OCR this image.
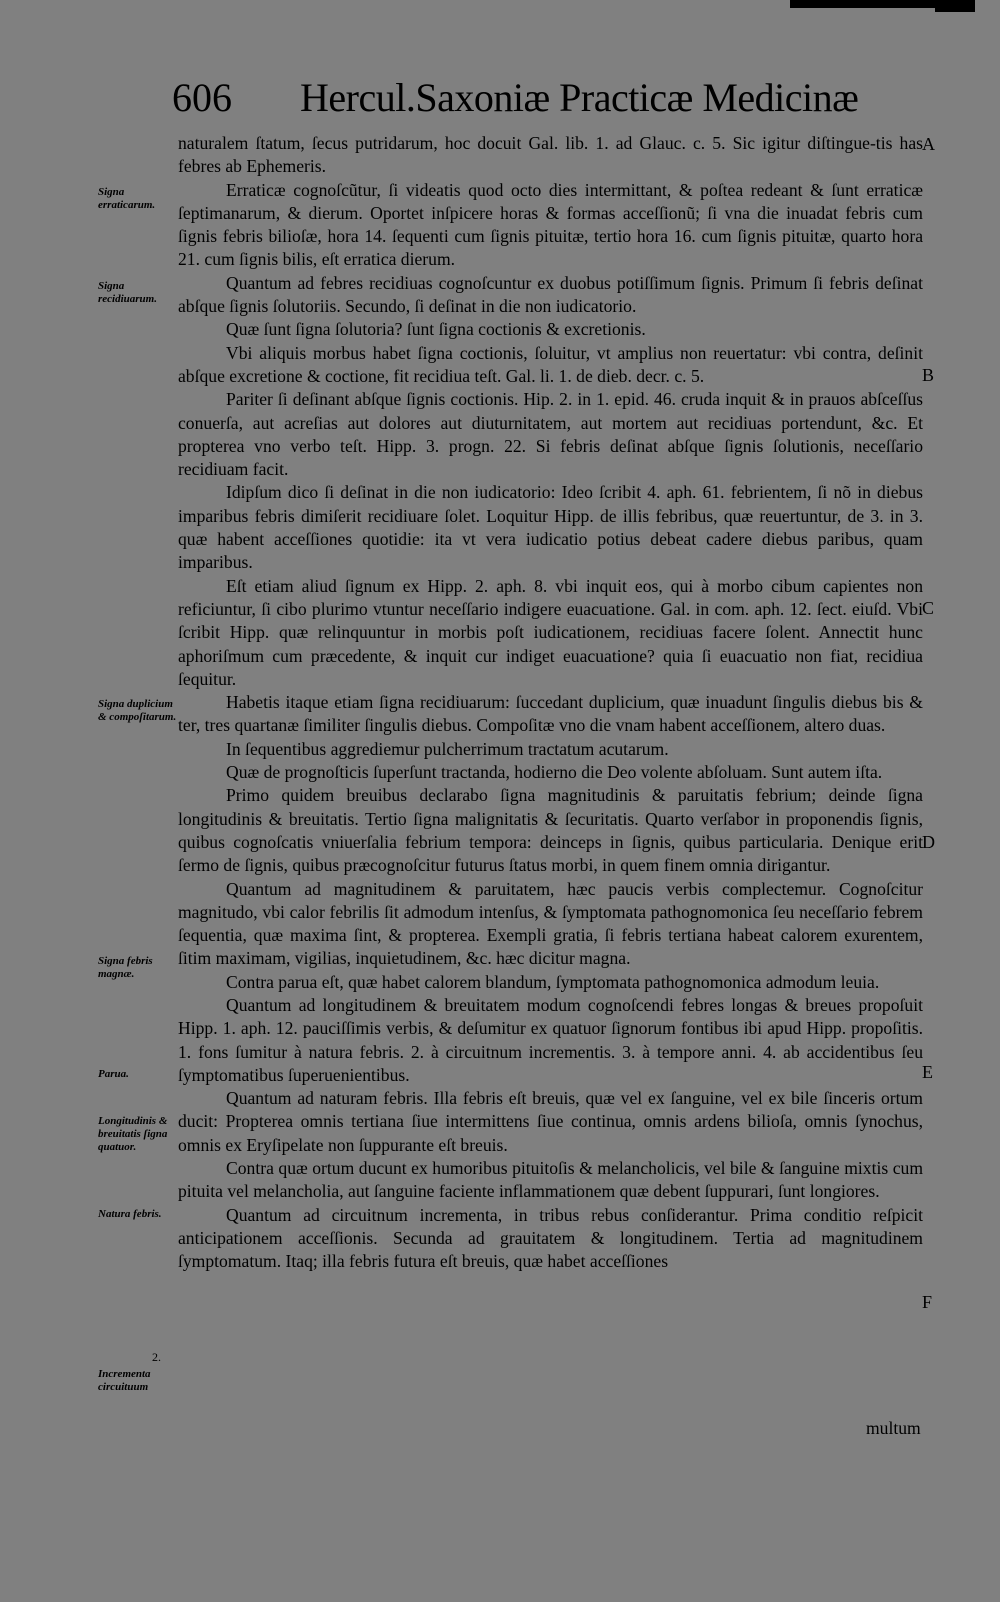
606 Hercul.Saxoniæ Practicæ Medicinæ

naturalem ſtatum, ſecus putridarum, hoc docuit Gal. lib. 1. ad Glauc. c. 5. Sic igitur diſtingue-tis has febres ab Ephemeris.

Erraticæ cognoſcũtur, ſi videatis quod octo dies intermittant, & poſtea redeant & ſunt erraticæ ſeptimanarum, & dierum. Oportet inſpicere horas & formas acceſſionũ; ſi vna die inuadat febris cum ſignis febris bilioſæ, hora 14. ſequenti cum ſignis pituitæ, tertio hora 16. cum ſignis pituitæ, quarto hora 21. cum ſignis bilis, eſt erratica dierum.

Quantum ad febres recidiuas cognoſcuntur ex duobus potiſſimum ſignis. Primum ſi febris deſinat abſque ſignis ſolutoriis. Secundo, ſi deſinat in die non iudicatorio.

Quæ ſunt ſigna ſolutoria? ſunt ſigna coctionis & excretionis.

Vbi aliquis morbus habet ſigna coctionis, ſoluitur, vt amplius non reuertatur: vbi contra, deſinit abſque excretione & coctione, fit recidiua teſt. Gal. li. 1. de dieb. decr. c. 5.

Pariter ſi deſinant abſque ſignis coctionis. Hip. 2. in 1. epid. 46. cruda inquit & in prauos abſceſſus conuerſa, aut acreſias aut dolores aut diuturnitatem, aut mortem aut recidiuas portendunt, &c. Et propterea vno verbo teſt. Hipp. 3. progn. 22. Si febris deſinat abſque ſignis ſolutionis, neceſſario recidiuam facit.

Idipſum dico ſi deſinat in die non iudicatorio: Ideo ſcribit 4. aph. 61. febrientem, ſi nõ in diebus imparibus febris dimiſerit recidiuare ſolet. Loquitur Hipp. de illis febribus, quæ reuertuntur, de 3. in 3. quæ habent acceſſiones quotidie: ita vt vera iudicatio potius debeat cadere diebus paribus, quam imparibus.

Eſt etiam aliud ſignum ex Hipp. 2. aph. 8. vbi inquit eos, qui à morbo cibum capientes non reficiuntur, ſi cibo plurimo vtuntur neceſſario indigere euacuatione. Gal. in com. aph. 12. ſect. eiuſd. Vbi ſcribit Hipp. quæ relinquuntur in morbis poſt iudicationem, recidiuas facere ſolent. Annectit hunc aphoriſmum cum præcedente, & inquit cur indiget euacuatione? quia ſi euacuatio non fiat, recidiua ſequitur.

Habetis itaque etiam ſigna recidiuarum: ſuccedant duplicium, quæ inuadunt ſingulis diebus bis & ter, tres quartanæ ſimiliter ſingulis diebus. Compoſitæ vno die vnam habent acceſſionem, altero duas.

In ſequentibus aggrediemur pulcherrimum tractatum acutarum.

Quæ de prognoſticis ſuperſunt tractanda, hodierno die Deo volente abſoluam. Sunt autem iſta.

Primo quidem breuibus declarabo ſigna magnitudinis & paruitatis febrium; deinde ſigna longitudinis & breuitatis. Tertio ſigna malignitatis & ſecuritatis. Quarto verſabor in proponendis ſignis, quibus cognoſcatis vniuerſalia febrium tempora: deinceps in ſignis, quibus particularia. Denique erit ſermo de ſignis, quibus præcognoſcitur futurus ſtatus morbi, in quem finem omnia dirigantur.

Quantum ad magnitudinem & paruitatem, hæc paucis verbis complectemur. Cognoſcitur magnitudo, vbi calor febrilis ſit admodum intenſus, & ſymptomata pathognomonica ſeu neceſſario febrem ſequentia, quæ maxima ſint, & propterea. Exempli gratia, ſi febris tertiana habeat calorem exurentem, ſitim maximam, vigilias, inquietudinem, &c. hæc dicitur magna.

Contra parua eſt, quæ habet calorem blandum, ſymptomata pathognomonica admodum leuia.

Quantum ad longitudinem & breuitatem modum cognoſcendi febres longas & breues propoſuit Hipp. 1. aph. 12. pauciſſimis verbis, & deſumitur ex quatuor ſignorum fontibus ibi apud Hipp. propoſitis. 1. fons ſumitur à natura febris. 2. à circuitnum incrementis. 3. à tempore anni. 4. ab accidentibus ſeu ſymptomatibus ſuperuenientibus.

Quantum ad naturam febris. Illa febris eſt breuis, quæ vel ex ſanguine, vel ex bile ſinceris ortum ducit: Propterea omnis tertiana ſiue intermittens ſiue continua, omnis ardens bilioſa, omnis ſynochus, omnis ex Eryſipelate non ſuppurante eſt breuis.

Contra quæ ortum ducunt ex humoribus pituitoſis & melancholicis, vel bile & ſanguine mixtis cum pituita vel melancholia, aut ſanguine faciente inflammationem quæ debent ſuppurari, ſunt longiores.

Quantum ad circuitnum incrementa, in tribus rebus conſiderantur. Prima conditio reſpicit anticipationem acceſſionis. Secunda ad grauitatem & longitudinem. Tertia ad magnitudinem ſymptomatum. Itaq; illa febris futura eſt breuis, quæ habet acceſſiones

multum
Signa erraticarum.
Signa recidiuarum.
Signa duplicium & compoſitarum.
Signa febris magnæ.
Parua.
Longitudinis & breuitatis ſigna quatuor.
Natura febris.
2.
Incrementa circuituum
A
B
C
D
E
F
